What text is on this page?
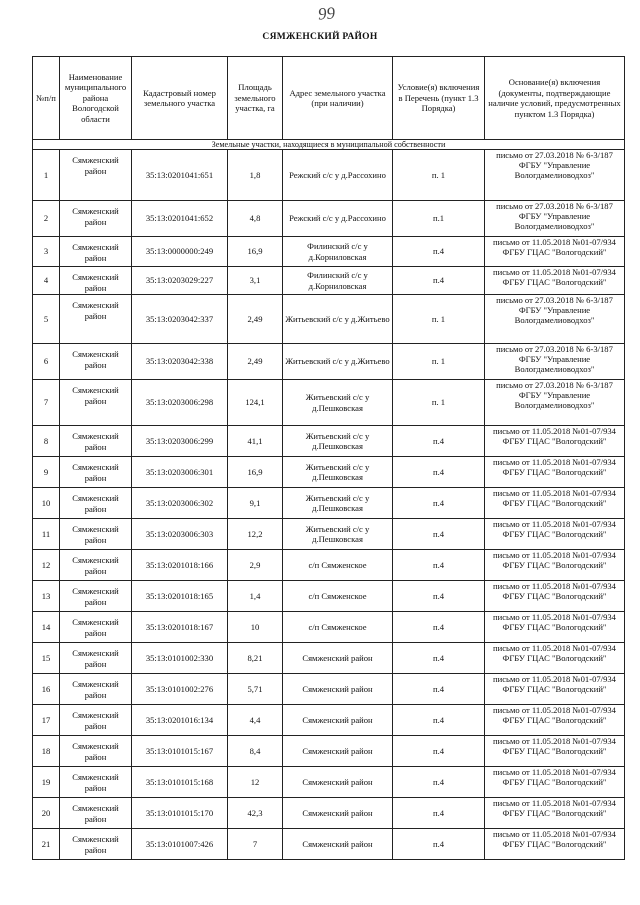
99
СЯМЖЕНСКИЙ РАЙОН
№п/п	Наименование муниципального района Вологодской области	Кадастровый номер земельного участка	Площадь земельного участка, га	Адрес земельного участка (при наличии)	Условие(я) включения в Перечень (пункт 1.3 Порядка)	Основание(я) включения (документы, подтверждающие наличие условий, предусмотренных пунктом 1.3 Порядка)
Земельные участки, находящиеся в муниципальной собственности						
1	Сямженский район	35:13:0201041:651	1,8	Режский с/с у д.Рассохино	п. 1	письмо от 27.03.2018 № 6-3/187 ФГБУ "Управление Вологдамелиоводхоз"
2	Сямженский район	35:13:0201041:652	4,8	Режский с/с у д.Рассохино	п.1	письмо от 27.03.2018 № 6-3/187 ФГБУ "Управление Вологдамелиоводхоз"
3	Сямженский район	35:13:0000000:249	16,9	Филинский с/с у д.Корниловская	п.4	письмо от 11.05.2018 №01-07/934 ФГБУ ГЦАС "Вологодский"
4	Сямженский район	35:13:0203029:227	3,1	Филинский с/с у д.Корниловская	п.4	письмо от 11.05.2018 №01-07/934 ФГБУ ГЦАС "Вологодский"
5	Сямженский район	35:13:0203042:337	2,49	Житьевский с/с у д.Житьево	п. 1	письмо от 27.03.2018 № 6-3/187 ФГБУ "Управление Вологдамелиоводхоз"
6	Сямженский район	35:13:0203042:338	2,49	Житьевский с/с у д.Житьево	п. 1	письмо от 27.03.2018 № 6-3/187 ФГБУ "Управление Вологдамелиоводхоз"
7	Сямженский район	35:13:0203006:298	124,1	Житьевский с/с у д.Пешковская	п. 1	письмо от 27.03.2018 № 6-3/187 ФГБУ "Управление Вологдамелиоводхоз"
8	Сямженский район	35:13:0203006:299	41,1	Житьевский с/с у д.Пешковская	п.4	письмо от 11.05.2018 №01-07/934 ФГБУ ГЦАС "Вологодский"
9	Сямженский район	35:13:0203006:301	16,9	Житьевский с/с у д.Пешковская	п.4	письмо от 11.05.2018 №01-07/934 ФГБУ ГЦАС "Вологодский"
10	Сямженский район	35:13:0203006:302	9,1	Житьевский с/с у д.Пешковская	п.4	письмо от 11.05.2018 №01-07/934 ФГБУ ГЦАС "Вологодский"
11	Сямженский район	35:13:0203006:303	12,2	Житьевский с/с у д.Пешковская	п.4	письмо от 11.05.2018 №01-07/934 ФГБУ ГЦАС "Вологодский"
12	Сямженский район	35:13:0201018:166	2,9	с/п Сямженское	п.4	письмо от 11.05.2018 №01-07/934 ФГБУ ГЦАС "Вологодский"
13	Сямженский район	35:13:0201018:165	1,4	с/п Сямженское	п.4	письмо от 11.05.2018 №01-07/934 ФГБУ ГЦАС "Вологодский"
14	Сямженский район	35:13:0201018:167	10	с/п Сямженское	п.4	письмо от 11.05.2018 №01-07/934 ФГБУ ГЦАС "Вологодский"
15	Сямженский район	35:13:0101002:330	8,21	Сямженский район	п.4	письмо от 11.05.2018 №01-07/934 ФГБУ ГЦАС "Вологодский"
16	Сямженский район	35:13:0101002:276	5,71	Сямженский район	п.4	письмо от 11.05.2018 №01-07/934 ФГБУ ГЦАС "Вологодский"
17	Сямженский район	35:13:0201016:134	4,4	Сямженский район	п.4	письмо от 11.05.2018 №01-07/934 ФГБУ ГЦАС "Вологодский"
18	Сямженский район	35:13:0101015:167	8,4	Сямженский район	п.4	письмо от 11.05.2018 №01-07/934 ФГБУ ГЦАС "Вологодский"
19	Сямженский район	35:13:0101015:168	12	Сямженский район	п.4	письмо от 11.05.2018 №01-07/934 ФГБУ ГЦАС "Вологодский"
20	Сямженский район	35:13:0101015:170	42,3	Сямженский район	п.4	письмо от 11.05.2018 №01-07/934 ФГБУ ГЦАС "Вологодский"
21	Сямженский район	35:13:0101007:426	7	Сямженский район	п.4	письмо от 11.05.2018 №01-07/934 ФГБУ ГЦАС "Вологодский"
